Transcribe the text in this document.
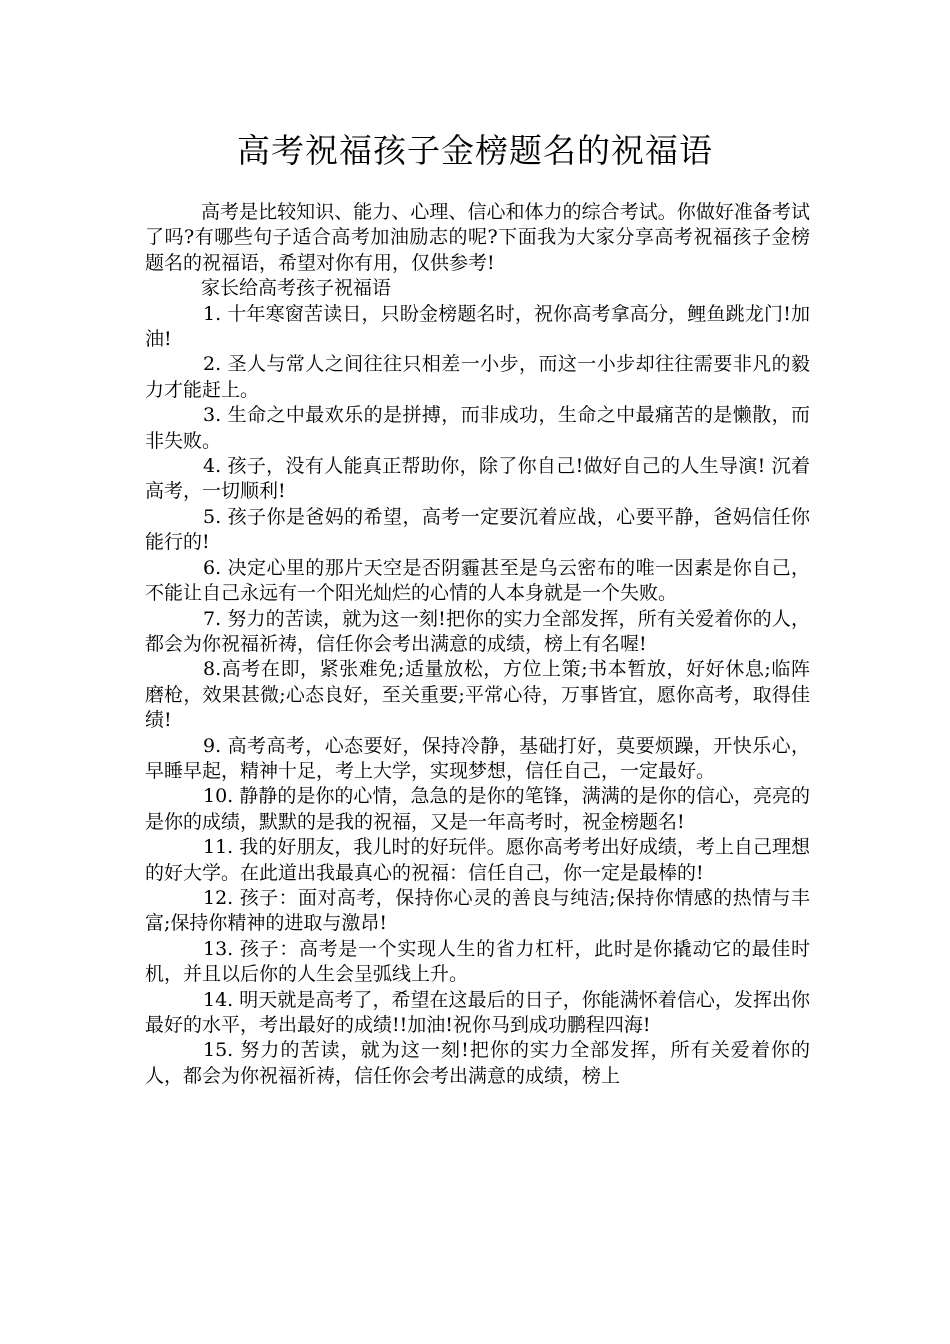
高考祝福孩子金榜题名的祝福语

高考是比较知识、能力、心理、信心和体力的综合考试。你做好准备考试了吗?有哪些句子适合高考加油励志的呢?下面我为大家分享高考祝福孩子金榜题名的祝福语，希望对你有用，仅供参考!

家长给高考孩子祝福语

1. 十年寒窗苦读日，只盼金榜题名时，祝你高考拿高分，鲤鱼跳龙门!加油!

2. 圣人与常人之间往往只相差一小步，而这一小步却往往需要非凡的毅力才能赶上。

3. 生命之中最欢乐的是拼搏，而非成功，生命之中最痛苦的是懒散，而非失败。

4. 孩子，没有人能真正帮助你，除了你自己!做好自己的人生导演! 沉着高考，一切顺利!

5. 孩子你是爸妈的希望，高考一定要沉着应战，心要平静，爸妈信任你能行的!

6. 决定心里的那片天空是否阴霾甚至是乌云密布的唯一因素是你自己，不能让自己永远有一个阳光灿烂的心情的人本身就是一个失败。

7. 努力的苦读，就为这一刻!把你的实力全部发挥，所有关爱着你的人，都会为你祝福祈祷，信任你会考出满意的成绩，榜上有名喔!

8.高考在即，紧张难免;适量放松，方位上策;书本暂放，好好休息;临阵磨枪，效果甚微;心态良好，至关重要;平常心待，万事皆宜，愿你高考，取得佳绩!

9. 高考高考，心态要好，保持冷静，基础打好，莫要烦躁，开快乐心，早睡早起，精神十足，考上大学，实现梦想，信任自己，一定最好。

10. 静静的是你的心情，急急的是你的笔锋，满满的是你的信心，亮亮的是你的成绩，默默的是我的祝福，又是一年高考时，祝金榜题名!

11. 我的好朋友，我儿时的好玩伴。愿你高考考出好成绩，考上自己理想的好大学。在此道出我最真心的祝福：信任自己，你一定是最棒的!

12. 孩子：面对高考，保持你心灵的善良与纯洁;保持你情感的热情与丰富;保持你精神的进取与激昂!

13. 孩子：高考是一个实现人生的省力杠杆，此时是你撬动它的最佳时机，并且以后你的人生会呈弧线上升。

14. 明天就是高考了，希望在这最后的日子，你能满怀着信心，发挥出你最好的水平，考出最好的成绩!!加油!祝你马到成功鹏程四海!

15. 努力的苦读，就为这一刻!把你的实力全部发挥，所有关爱着你的人，都会为你祝福祈祷，信任你会考出满意的成绩，榜上
